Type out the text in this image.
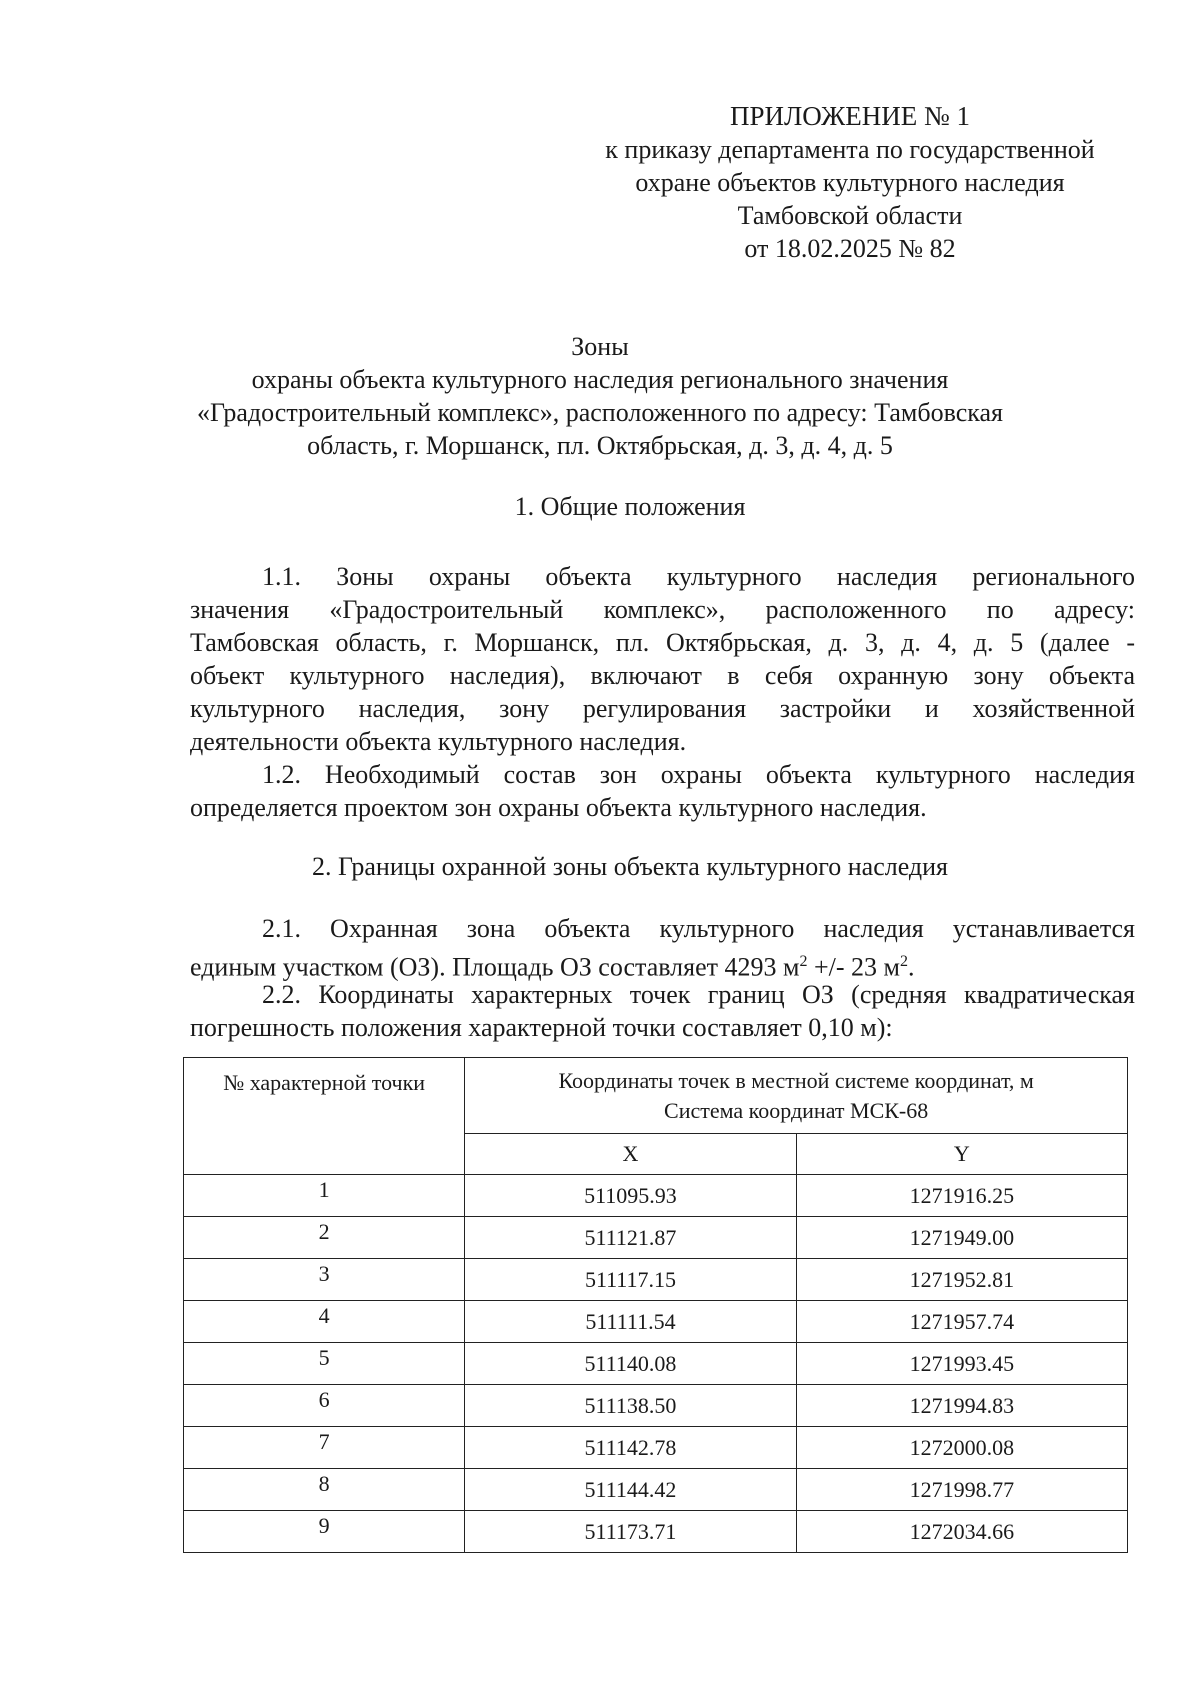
ПРИЛОЖЕНИЕ № 1
к приказу департамента по государственной
охране объектов культурного наследия
Тамбовской области
от 18.02.2025 № 82
Зоны
охраны объекта культурного наследия регионального значения
«Градостроительный комплекс», расположенного по адресу: Тамбовская
область, г. Моршанск, пл. Октябрьская, д. 3, д. 4, д. 5
1. Общие положения
1.1. Зоны охраны объекта культурного наследия регионального
значения «Градостроительный комплекс», расположенного по адресу:
Тамбовская область, г. Моршанск, пл. Октябрьская, д. 3, д. 4, д. 5 (далее -
объект культурного наследия), включают в себя охранную зону объекта
культурного наследия, зону регулирования застройки и хозяйственной
деятельности объекта культурного наследия.
1.2. Необходимый состав зон охраны объекта культурного наследия
определяется проектом зон охраны объекта культурного наследия.
2. Границы охранной зоны объекта культурного наследия
2.1. Охранная зона объекта культурного наследия устанавливается
единым участком (ОЗ). Площадь ОЗ составляет 4293 $м^2$ +/- 23 $м^2$.
2.2. Координаты характерных точек границ ОЗ (средняя квадратическая
погрешность положения характерной точки составляет 0,10 м):
№ характерной точки	Координаты точек в местной системе координат, м
Система координат МСК-68	

	X	Y
1	511095.93	1271916.25
2	511121.87	1271949.00
3	511117.15	1271952.81
4	511111.54	1271957.74
5	511140.08	1271993.45
6	511138.50	1271994.83
7	511142.78	1272000.08
8	511144.42	1271998.77
9	511173.71	1272034.66
